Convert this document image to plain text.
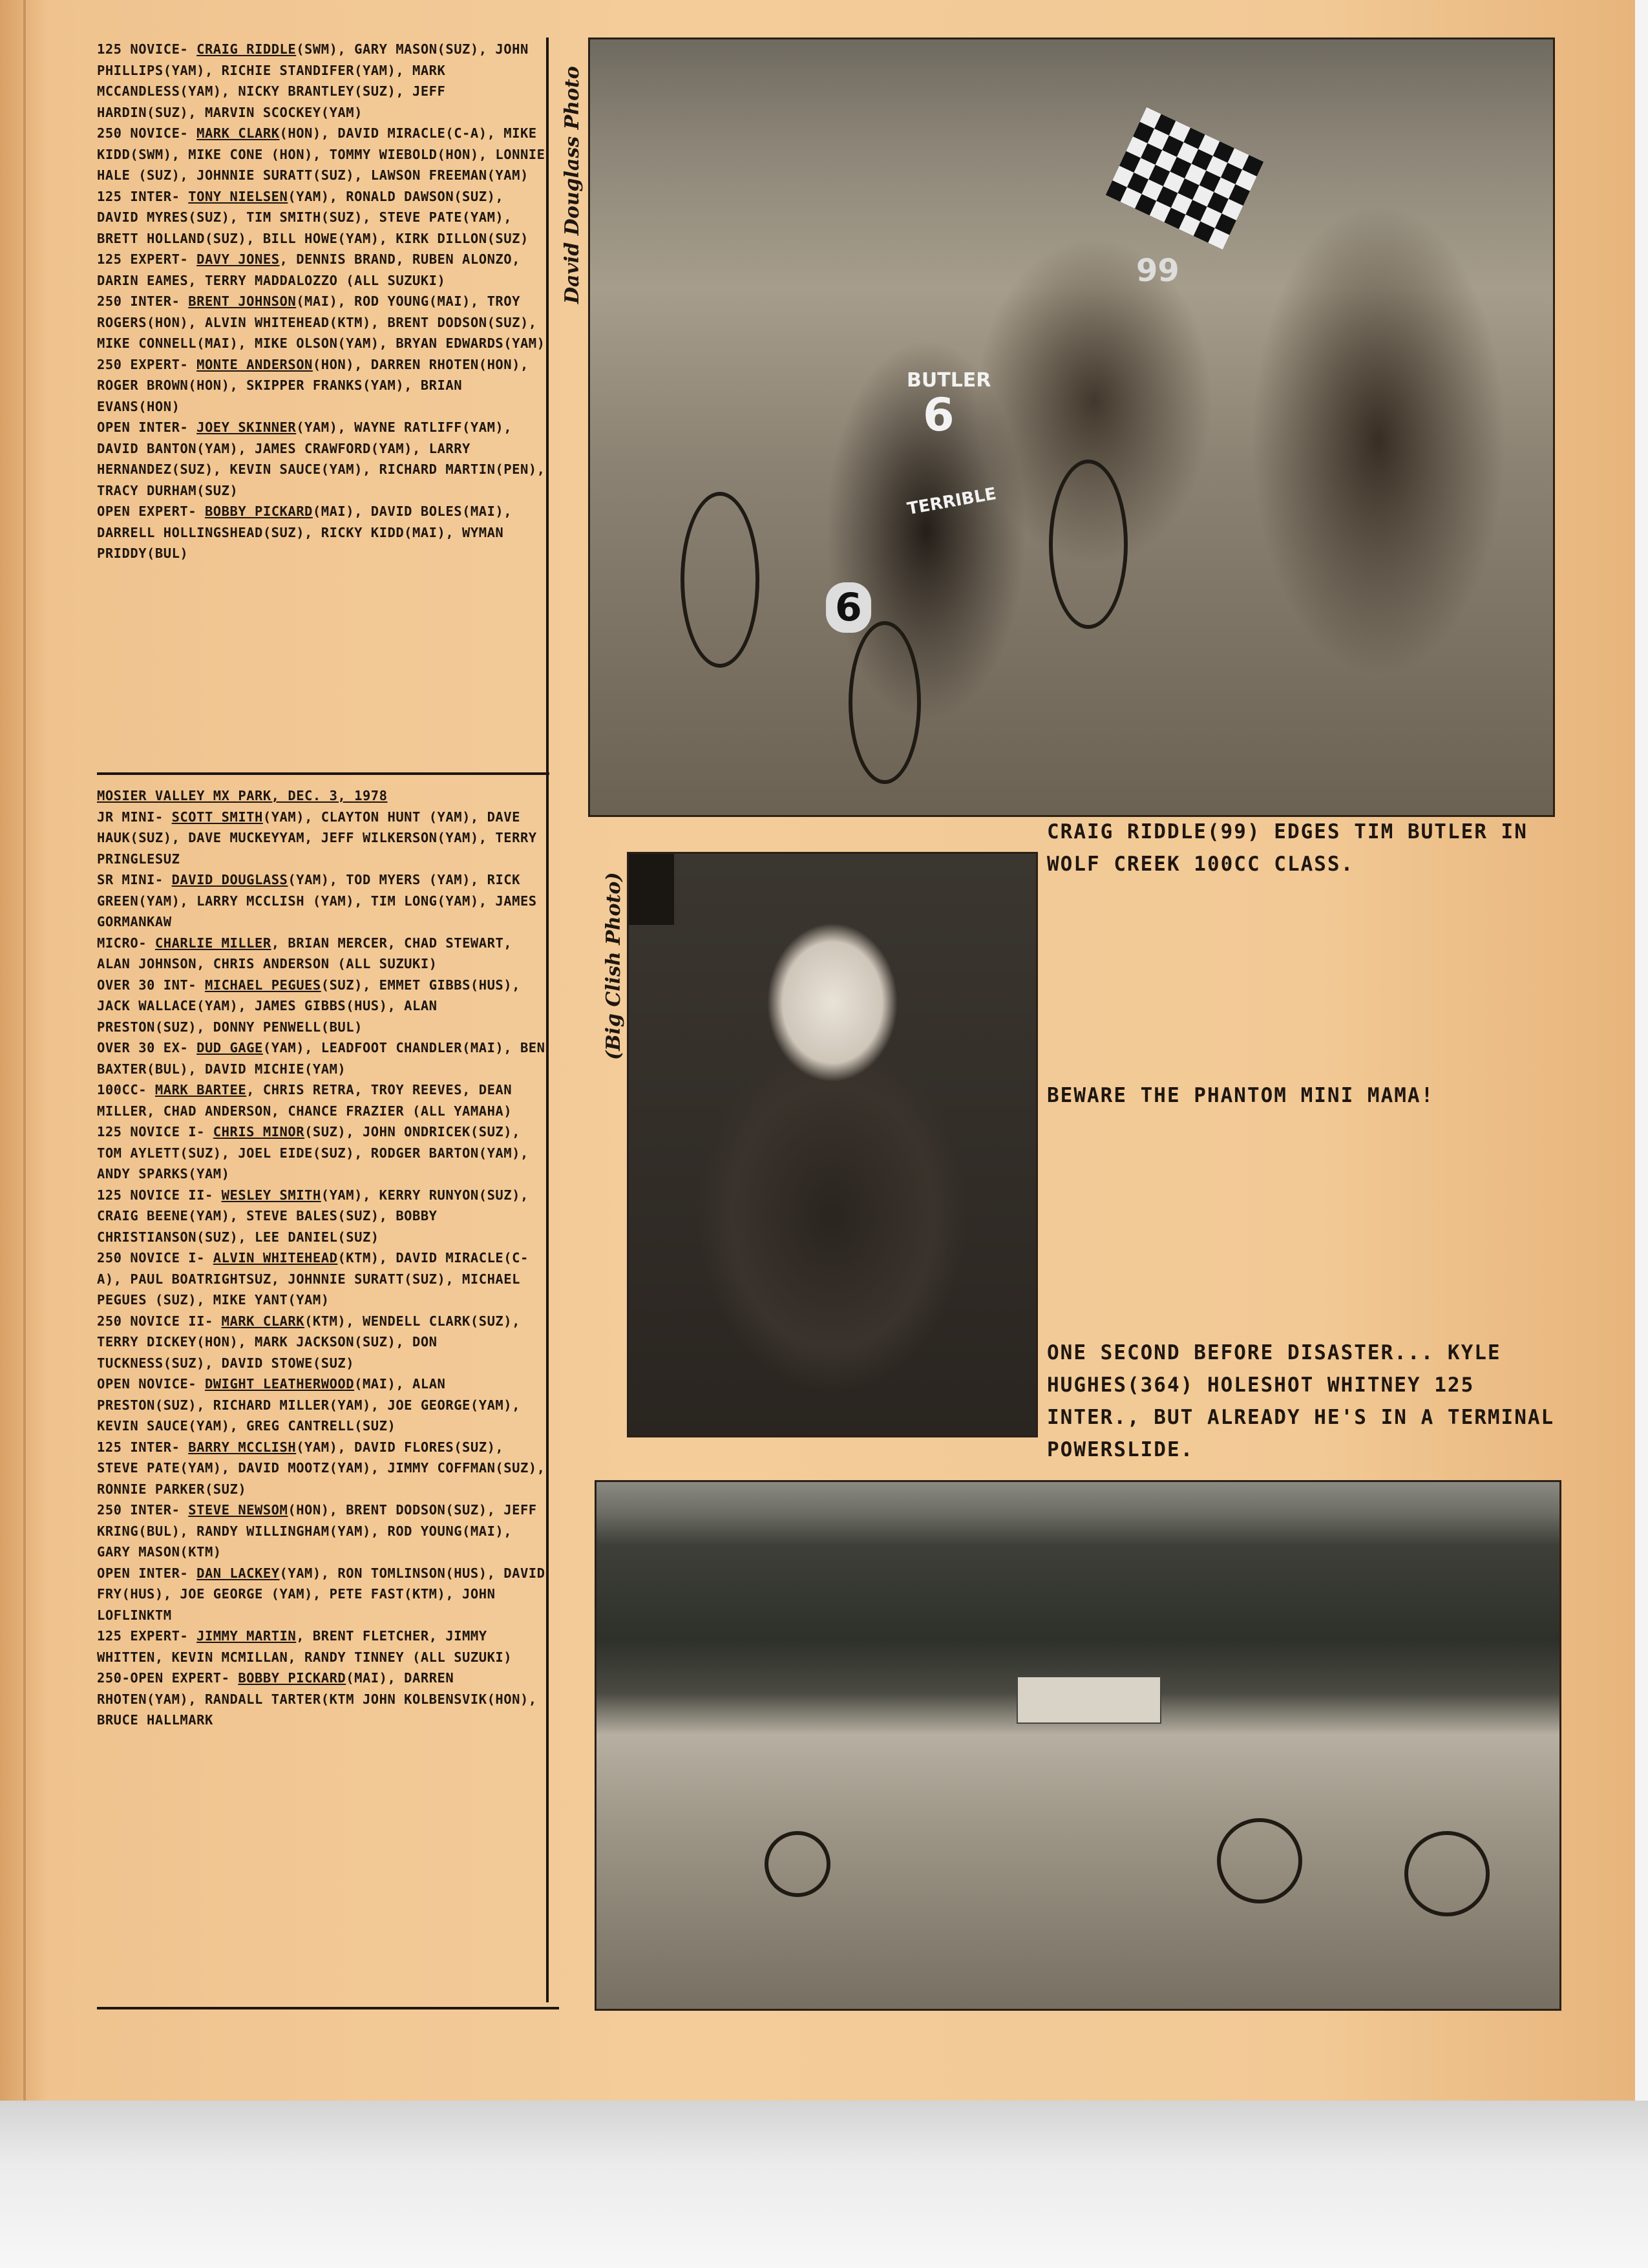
125 NOVICE- CRAIG RIDDLE(SWM), GARY MASON(SUZ), JOHN PHILLIPS(YAM), RICHIE STANDIFER(YAM), MARK MCCANDLESS(YAM), NICKY BRANTLEY(SUZ), JEFF HARDIN(SUZ), MARVIN SCOCKEY(YAM)

250 NOVICE- MARK CLARK(HON), DAVID MIRACLE(C-A), MIKE KIDD(SWM), MIKE CONE (HON), TOMMY WIEBOLD(HON), LONNIE HALE (SUZ), JOHNNIE SURATT(SUZ), LAWSON FREEMAN(YAM)

125 INTER- TONY NIELSEN(YAM), RONALD DAWSON(SUZ), DAVID MYRES(SUZ), TIM SMITH(SUZ), STEVE PATE(YAM), BRETT HOLLAND(SUZ), BILL HOWE(YAM), KIRK DILLON(SUZ)

125 EXPERT- DAVY JONES, DENNIS BRAND, RUBEN ALONZO, DARIN EAMES, TERRY MADDALOZZO (ALL SUZUKI)

250 INTER- BRENT JOHNSON(MAI), ROD YOUNG(MAI), TROY ROGERS(HON), ALVIN WHITEHEAD(KTM), BRENT DODSON(SUZ), MIKE CONNELL(MAI), MIKE OLSON(YAM), BRYAN EDWARDS(YAM)

250 EXPERT- MONTE ANDERSON(HON), DARREN RHOTEN(HON), ROGER BROWN(HON), SKIPPER FRANKS(YAM), BRIAN EVANS(HON)

OPEN INTER- JOEY SKINNER(YAM), WAYNE RATLIFF(YAM), DAVID BANTON(YAM), JAMES CRAWFORD(YAM), LARRY HERNANDEZ(SUZ), KEVIN SAUCE(YAM), RICHARD MARTIN(PEN), TRACY DURHAM(SUZ)

OPEN EXPERT- BOBBY PICKARD(MAI), DAVID BOLES(MAI), DARRELL HOLLINGSHEAD(SUZ), RICKY KIDD(MAI), WYMAN PRIDDY(BUL)

MOSIER VALLEY MX PARK, DEC. 3, 1978

JR MINI- SCOTT SMITH(YAM), CLAYTON HUNT (YAM), DAVE HAUK(SUZ), DAVE MUCKEYYAM, JEFF WILKERSON(YAM), TERRY PRINGLESUZ

SR MINI- DAVID DOUGLASS(YAM), TOD MYERS (YAM), RICK GREEN(YAM), LARRY MCCLISH (YAM), TIM LONG(YAM), JAMES GORMANKAW

MICRO- CHARLIE MILLER, BRIAN MERCER, CHAD STEWART, ALAN JOHNSON, CHRIS ANDERSON (ALL SUZUKI)

OVER 30 INT- MICHAEL PEGUES(SUZ), EMMET GIBBS(HUS), JACK WALLACE(YAM), JAMES GIBBS(HUS), ALAN PRESTON(SUZ), DONNY PENWELL(BUL)

OVER 30 EX- DUD GAGE(YAM), LEADFOOT CHANDLER(MAI), BEN BAXTER(BUL), DAVID MICHIE(YAM)

100CC- MARK BARTEE, CHRIS RETRA, TROY REEVES, DEAN MILLER, CHAD ANDERSON, CHANCE FRAZIER (ALL YAMAHA)

125 NOVICE I- CHRIS MINOR(SUZ), JOHN ONDRICEK(SUZ), TOM AYLETT(SUZ), JOEL EIDE(SUZ), RODGER BARTON(YAM), ANDY SPARKS(YAM)

125 NOVICE II- WESLEY SMITH(YAM), KERRY RUNYON(SUZ), CRAIG BEENE(YAM), STEVE BALES(SUZ), BOBBY CHRISTIANSON(SUZ), LEE DANIEL(SUZ)

250 NOVICE I- ALVIN WHITEHEAD(KTM), DAVID MIRACLE(C-A), PAUL BOATRIGHTSUZ, JOHNNIE SURATT(SUZ), MICHAEL PEGUES (SUZ), MIKE YANT(YAM)

250 NOVICE II- MARK CLARK(KTM), WENDELL CLARK(SUZ), TERRY DICKEY(HON), MARK JACKSON(SUZ), DON TUCKNESS(SUZ), DAVID STOWE(SUZ)

OPEN NOVICE- DWIGHT LEATHERWOOD(MAI), ALAN PRESTON(SUZ), RICHARD MILLER(YAM), JOE GEORGE(YAM), KEVIN SAUCE(YAM), GREG CANTRELL(SUZ)

125 INTER- BARRY MCCLISH(YAM), DAVID FLORES(SUZ), STEVE PATE(YAM), DAVID MOOTZ(YAM), JIMMY COFFMAN(SUZ), RONNIE PARKER(SUZ)

250 INTER- STEVE NEWSOM(HON), BRENT DODSON(SUZ), JEFF KRING(BUL), RANDY WILLINGHAM(YAM), ROD YOUNG(MAI), GARY MASON(KTM)

OPEN INTER- DAN LACKEY(YAM), RON TOMLINSON(HUS), DAVID FRY(HUS), JOE GEORGE (YAM), PETE FAST(KTM), JOHN LOFLINKTM

125 EXPERT- JIMMY MARTIN, BRENT FLETCHER, JIMMY WHITTEN, KEVIN MCMILLAN, RANDY TINNEY (ALL SUZUKI)

250-OPEN EXPERT- BOBBY PICKARD(MAI), DARREN RHOTEN(YAM), RANDALL TARTER(KTM JOHN KOLBENSVIK(HON), BRUCE HALLMARK

David Douglass Photo
BUTLER
6
TERRIBLE
6
99
CRAIG RIDDLE(99) EDGES TIM BUTLER IN WOLF CREEK 100CC CLASS.
(Big Clish Photo)
BEWARE THE PHANTOM MINI MAMA!
ONE SECOND BEFORE DISASTER... KYLE HUGHES(364) HOLESHOT WHITNEY 125 INTER., BUT ALREADY HE'S IN A TERMINAL POWERSLIDE.
